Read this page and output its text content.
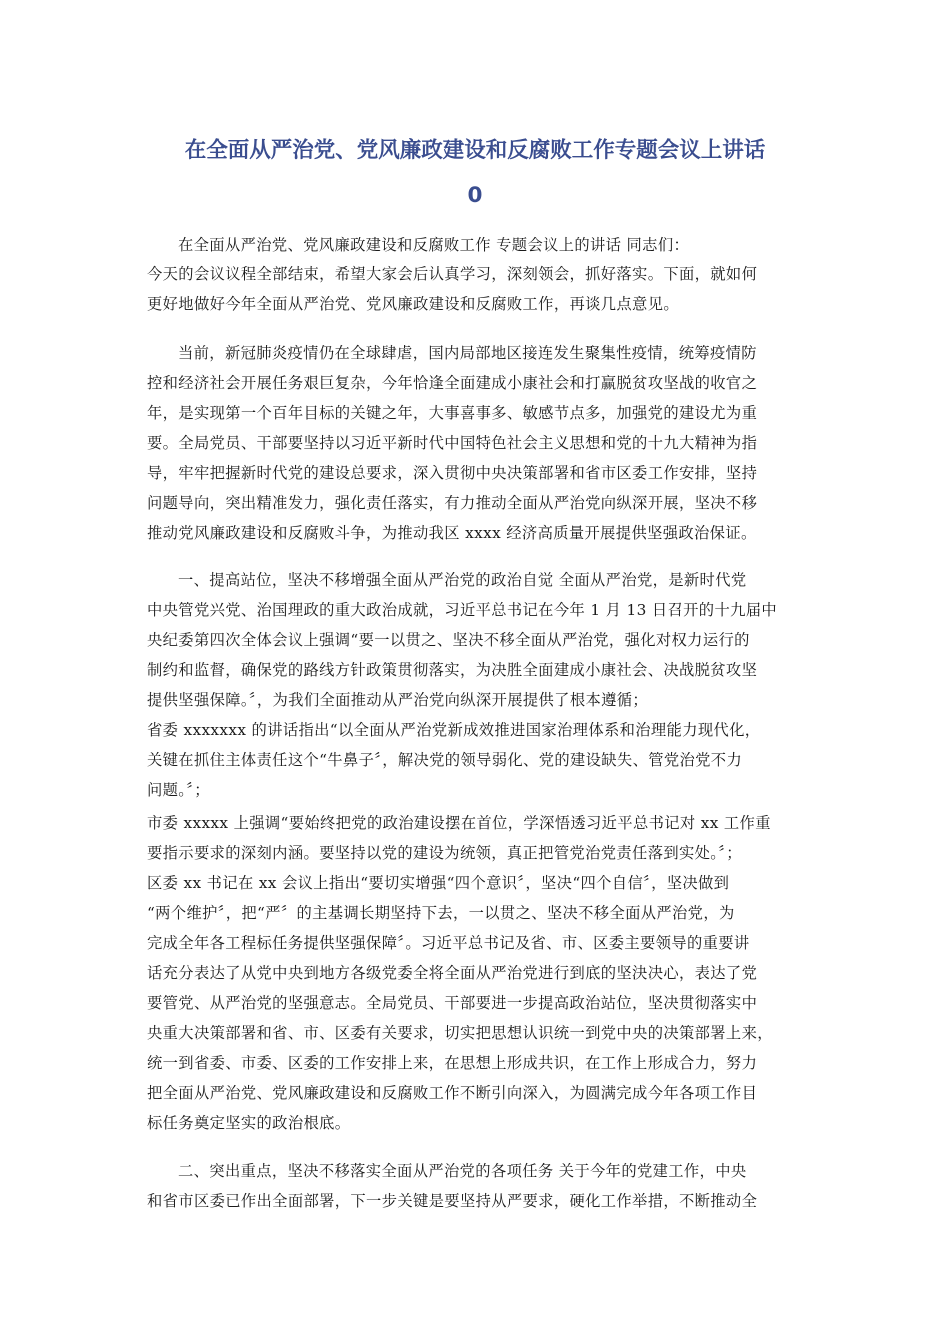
在全面从严治党、党风廉政建设和反腐败工作专题会议上讲话
0
在全面从严治党、党风廉政建设和反腐败工作 专题会议上的讲话 同志们：
今天的会议议程全部结束，希望大家会后认真学习，深刻领会，抓好落实。下面，就如何
更好地做好今年全面从严治党、党风廉政建设和反腐败工作，再谈几点意见。
当前，新冠肺炎疫情仍在全球肆虐，国内局部地区接连发生聚集性疫情，统筹疫情防
控和经济社会开展任务艰巨复杂，今年恰逢全面建成小康社会和打赢脱贫攻坚战的收官之
年，是实现第一个百年目标的关键之年，大事喜事多、敏感节点多，加强党的建设尤为重
要。全局党员、干部要坚持以习近平新时代中国特色社会主义思想和党的十九大精神为指
导，牢牢把握新时代党的建设总要求，深入贯彻中央决策部署和省市区委工作安排，坚持
问题导向，突出精准发力，强化责任落实，有力推动全面从严治党向纵深开展，坚决不移
推动党风廉政建设和反腐败斗争，为推动我区 xxxx 经济高质量开展提供坚强政治保证。
一、提高站位，坚决不移增强全面从严治党的政治自觉 全面从严治党，是新时代党
中央管党兴党、治国理政的重大政治成就，习近平总书记在今年 1 月 13 日召开的十九届中
央纪委第四次全体会议上强调“要一以贯之、坚决不移全面从严治党，强化对权力运行的
制约和监督，确保党的路线方针政策贯彻落实，为决胜全面建成小康社会、决战脱贫攻坚
提供坚强保障。〞，为我们全面推动从严治党向纵深开展提供了根本遵循；
省委 xxxxxxx 的讲话指出“以全面从严治党新成效推进国家治理体系和治理能力现代化，
关键在抓住主体责任这个“牛鼻子〞，解决党的领导弱化、党的建设缺失、管党治党不力
问题。〞；
市委 xxxxx 上强调“要始终把党的政治建设摆在首位，学深悟透习近平总书记对 xx 工作重
要指示要求的深刻内涵。要坚持以党的建设为统领，真正把管党治党责任落到实处。〞；
区委 xx 书记在 xx 会议上指出“要切实增强“四个意识〞，坚决“四个自信〞，坚决做到
“两个维护〞，把“严〞的主基调长期坚持下去，一以贯之、坚决不移全面从严治党，为
完成全年各工程标任务提供坚强保障〞。习近平总书记及省、市、区委主要领导的重要讲
话充分表达了从党中央到地方各级党委全将全面从严治党进行到底的坚決决心，表达了党
要管党、从严治党的坚强意志。全局党员、干部要进一步提高政治站位，坚决贯彻落实中
央重大决策部署和省、市、区委有关要求，切实把思想认识统一到党中央的决策部署上来，
统一到省委、市委、区委的工作安排上来，在思想上形成共识，在工作上形成合力，努力
把全面从严治党、党风廉政建设和反腐败工作不断引向深入，为圆满完成今年各项工作目
标任务奠定坚实的政治根底。
二、突出重点，坚决不移落实全面从严治党的各项任务 关于今年的党建工作，中央
和省市区委已作出全面部署，下一步关键是要坚持从严要求，硬化工作举措，不断推动全
